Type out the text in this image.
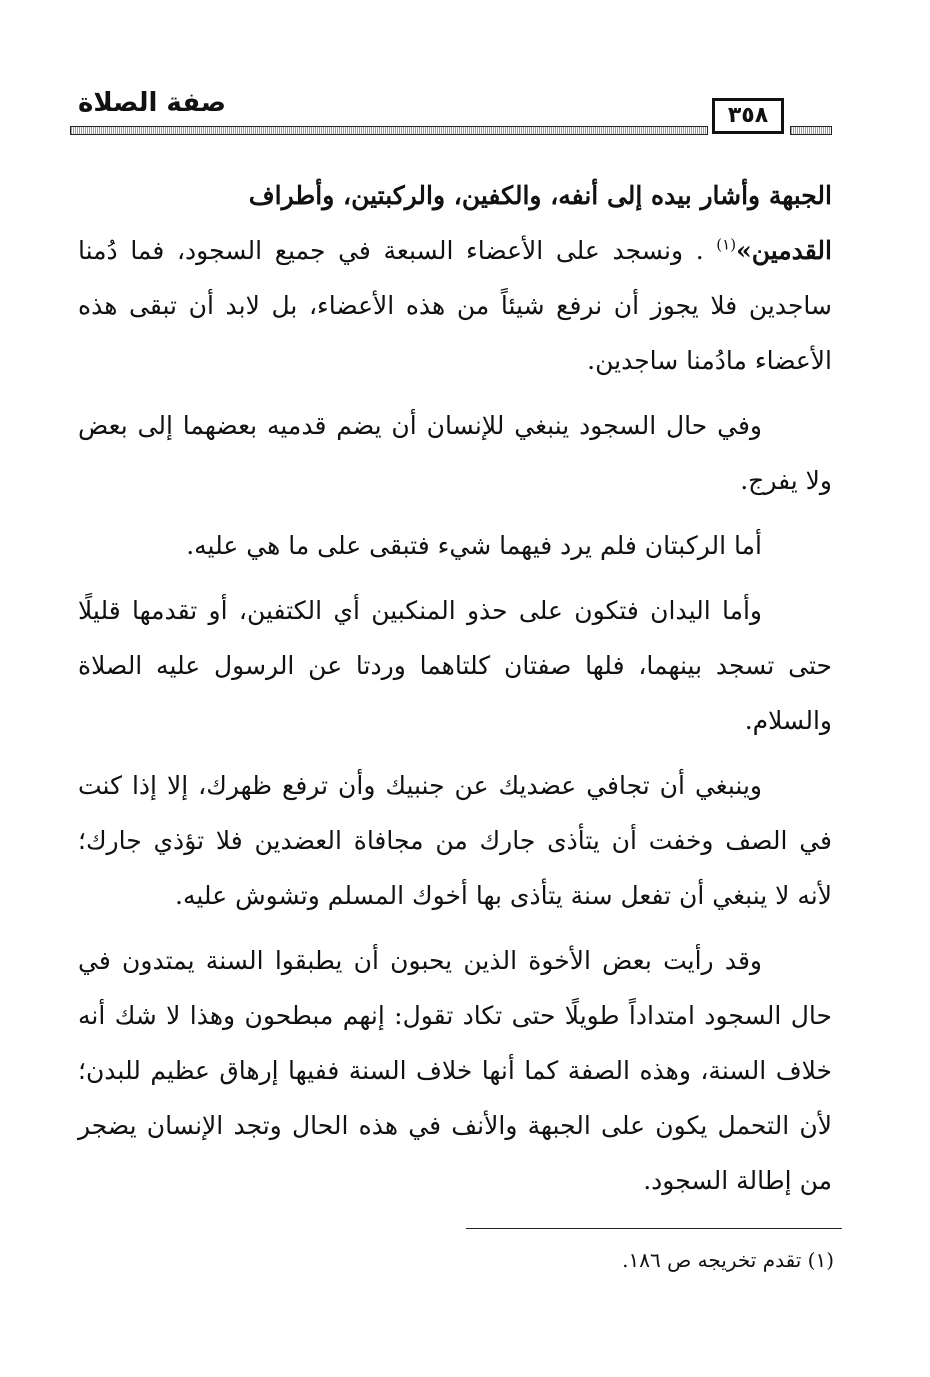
صفة الصلاة	٣٥٨

الجبهة وأشار بيده إلى أنفه، والكفين، والركبتين، وأطراف

القدمين»$^{(١)}$ . ونسجد على الأعضاء السبعة في جميع السجود، فما دُمنا ساجدين فلا يجوز أن نرفع شيئاً من هذه الأعضاء، بل لابد أن تبقى هذه الأعضاء مادُمنا ساجدين.

وفي حال السجود ينبغي للإنسان أن يضم قدميه بعضهما إلى بعض ولا يفرج.

أما الركبتان فلم يرد فيهما شيء فتبقى على ما هي عليه.

وأما اليدان فتكون على حذو المنكبين أي الكتفين، أو تقدمها قليلًا حتى تسجد بينهما، فلها صفتان كلتاهما وردتا عن الرسول عليه الصلاة والسلام.

وينبغي أن تجافي عضديك عن جنبيك وأن ترفع ظهرك، إلا إذا كنت في الصف وخفت أن يتأذى جارك من مجافاة العضدين فلا تؤذي جارك؛ لأنه لا ينبغي أن تفعل سنة يتأذى بها أخوك المسلم وتشوش عليه.

وقد رأيت بعض الأخوة الذين يحبون أن يطبقوا السنة يمتدون في حال السجود امتداداً طويلًا حتى تكاد تقول: إنهم مبطحون وهذا لا شك أنه خلاف السنة، وهذه الصفة كما أنها خلاف السنة ففيها إرهاق عظيم للبدن؛ لأن التحمل يكون على الجبهة والأنف في هذه الحال وتجد الإنسان يضجر من إطالة السجود.

(١) تقدم تخريجه ص ١٨٦.
